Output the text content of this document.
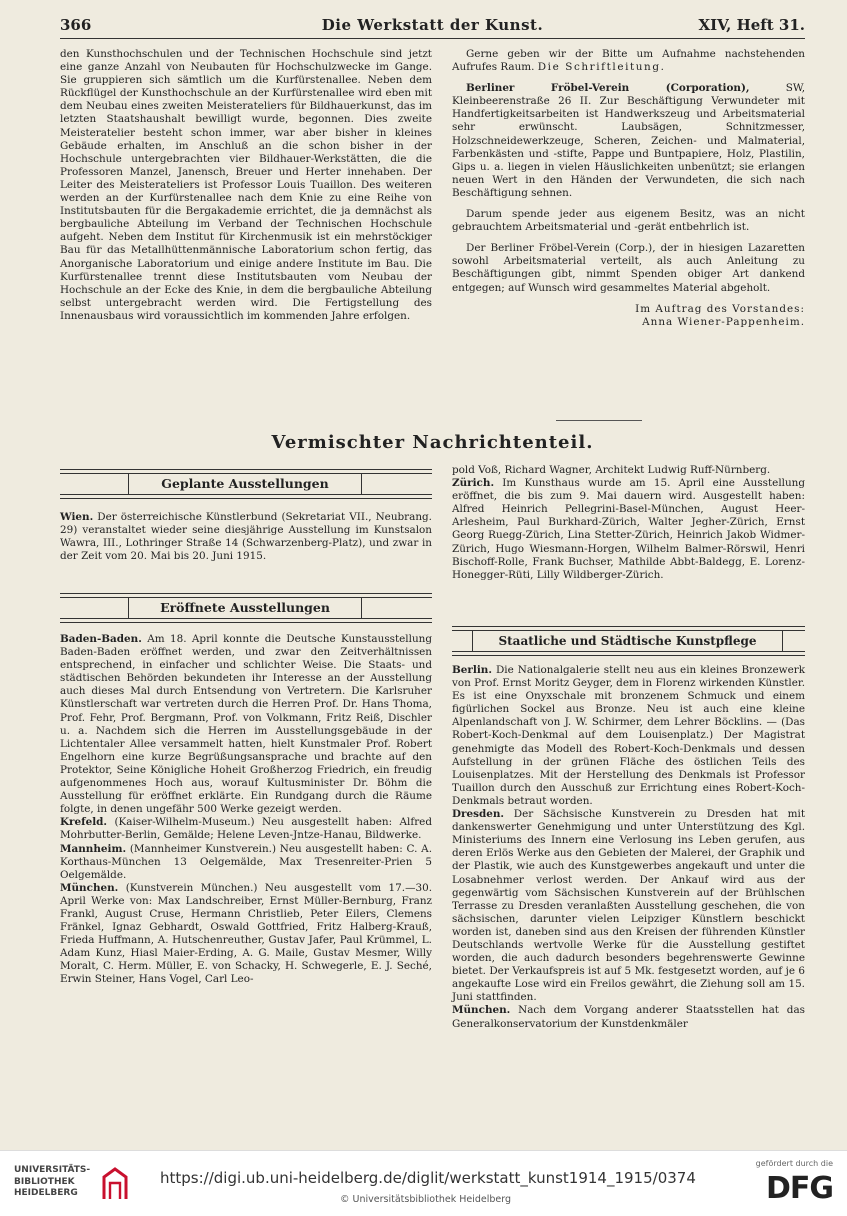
366	Die Werkstatt der Kunst.	XIV, Heft 31.

den Kunsthochschulen und der Technischen Hochschule sind jetzt eine ganze Anzahl von Neubauten für Hochschulzwecke im Gange. Sie gruppieren sich sämtlich um die Kurfürstenallee. Neben dem Rückflügel der Kunsthochschule an der Kurfürstenallee wird eben mit dem Neubau eines zweiten Meisterateliers für Bildhauerkunst, das im letzten Staatshaushalt bewilligt wurde, begonnen. Dies zweite Meisteratelier besteht schon immer, war aber bisher in kleines Gebäude erhalten, im Anschluß an die schon bisher in der Hochschule untergebrachten vier Bildhauer-Werkstätten, die die Professoren Manzel, Janensch, Breuer und Herter innehaben. Der Leiter des Meisterateliers ist Professor Louis Tuaillon. Des weiteren werden an der Kurfürstenallee nach dem Knie zu eine Reihe von Institutsbauten für die Bergakademie errichtet, die ja demnächst als bergbauliche Abteilung im Verband der Technischen Hochschule aufgeht. Neben dem Institut für Kirchenmusik ist ein mehrstöckiger Bau für das Metallhüttenmännische Laboratorium schon fertig, das Anorganische Laboratorium und einige andere Institute im Bau. Die Kurfürstenallee trennt diese Institutsbauten vom Neubau der Hochschule an der Ecke des Knie, in dem die bergbauliche Abteilung selbst untergebracht werden wird. Die Fertigstellung des Innenausbaus wird voraussichtlich im kommenden Jahre erfolgen.

Gerne geben wir der Bitte um Aufnahme nachstehenden Aufrufes Raum. Die Schriftleitung.

Berliner Fröbel-Verein (Corporation), SW, Kleinbeerenstraße 26 II. Zur Beschäftigung Verwundeter mit Handfertigkeitsarbeiten ist Handwerkszeug und Arbeitsmaterial sehr erwünscht. Laubsägen, Schnitzmesser, Holzschneidewerkzeuge, Scheren, Zeichen- und Malmaterial, Farbenkästen und -stifte, Pappe und Buntpapiere, Holz, Plastilin, Gips u. a. liegen in vielen Häuslichkeiten unbenützt; sie erlangen neuen Wert in den Händen der Verwundeten, die sich nach Beschäftigung sehnen.

Darum spende jeder aus eigenem Besitz, was an nicht gebrauchtem Arbeitsmaterial und -gerät entbehrlich ist.

Der Berliner Fröbel-Verein (Corp.), der in hiesigen Lazaretten sowohl Arbeitsmaterial verteilt, als auch Anleitung zu Beschäftigungen gibt, nimmt Spenden obiger Art dankend entgegen; auf Wunsch wird gesammeltes Material abgeholt.

Im Auftrag des Vorstandes:

Anna Wiener-Pappenheim.

Vermischter Nachrichtenteil.
Geplante Ausstellungen

Wien. Der österreichische Künstlerbund (Sekretariat VII., Neubrang. 29) veranstaltet wieder seine diesjährige Ausstellung im Kunstsalon Wawra, III., Lothringer Straße 14 (Schwarzenberg-Platz), und zwar in der Zeit vom 20. Mai bis 20. Juni 1915.

Eröffnete Ausstellungen

Baden-Baden. Am 18. April konnte die Deutsche Kunstausstellung Baden-Baden eröffnet werden, und zwar den Zeitverhältnissen entsprechend, in einfacher und schlichter Weise. Die Staats- und städtischen Behörden bekundeten ihr Interesse an der Ausstellung auch dieses Mal durch Entsendung von Vertretern. Die Karlsruher Künstlerschaft war vertreten durch die Herren Prof. Dr. Hans Thoma, Prof. Fehr, Prof. Bergmann, Prof. von Volkmann, Fritz Reiß, Dischler u. a. Nachdem sich die Herren im Ausstellungsgebäude in der Lichtentaler Allee versammelt hatten, hielt Kunstmaler Prof. Robert Engelhorn eine kurze Begrüßungsansprache und brachte auf den Protektor, Seine Königliche Hoheit Großherzog Friedrich, ein freudig aufgenommenes Hoch aus, worauf Kultusminister Dr. Böhm die Ausstellung für eröffnet erklärte. Ein Rundgang durch die Räume folgte, in denen ungefähr 500 Werke gezeigt werden.

Krefeld. (Kaiser-Wilhelm-Museum.) Neu ausgestellt haben: Alfred Mohrbutter-Berlin, Gemälde; Helene Leven-Jntze-Hanau, Bildwerke.

Mannheim. (Mannheimer Kunstverein.) Neu ausgestellt haben: C. A. Korthaus-München 13 Oelgemälde, Max Tresenreiter-Prien 5 Oelgemälde.

München. (Kunstverein München.) Neu ausgestellt vom 17.—30. April Werke von: Max Landschreiber, Ernst Müller-Bernburg, Franz Frankl, August Cruse, Hermann Christlieb, Peter Eilers, Clemens Fränkel, Ignaz Gebhardt, Oswald Gottfried, Fritz Halberg-Krauß, Frieda Huffmann, A. Hutschenreuther, Gustav Jafer, Paul Krümmel, L. Adam Kunz, Hiasl Maier-Erding, A. G. Maile, Gustav Mesmer, Willy Moralt, C. Herm. Müller, E. von Schacky, H. Schwegerle, E. J. Seché, Erwin Steiner, Hans Vogel, Carl Leo-

pold Voß, Richard Wagner, Architekt Ludwig Ruff-Nürnberg.

Zürich. Im Kunsthaus wurde am 15. April eine Ausstellung eröffnet, die bis zum 9. Mai dauern wird. Ausgestellt haben: Alfred Heinrich Pellegrini-Basel-München, August Heer-Arlesheim, Paul Burkhard-Zürich, Walter Jegher-Zürich, Ernst Georg Ruegg-Zürich, Lina Stetter-Zürich, Heinrich Jakob Widmer-Zürich, Hugo Wiesmann-Horgen, Wilhelm Balmer-Rörswil, Henri Bischoff-Rolle, Frank Buchser, Mathilde Abbt-Baldegg, E. Lorenz-Honegger-Rüti, Lilly Wildberger-Zürich.

Staatliche und Städtische Kunstpflege

Berlin. Die Nationalgalerie stellt neu aus ein kleines Bronzewerk von Prof. Ernst Moritz Geyger, dem in Florenz wirkenden Künstler. Es ist eine Onyxschale mit bronzenem Schmuck und einem figürlichen Sockel aus Bronze. Neu ist auch eine kleine Alpenlandschaft von J. W. Schirmer, dem Lehrer Böcklins. — (Das Robert-Koch-Denkmal auf dem Louisenplatz.) Der Magistrat genehmigte das Modell des Robert-Koch-Denkmals und dessen Aufstellung in der grünen Fläche des östlichen Teils des Louisenplatzes. Mit der Herstellung des Denkmals ist Professor Tuaillon durch den Ausschuß zur Errichtung eines Robert-Koch-Denkmals betraut worden.

Dresden. Der Sächsische Kunstverein zu Dresden hat mit dankenswerter Genehmigung und unter Unterstützung des Kgl. Ministeriums des Innern eine Verlosung ins Leben gerufen, aus deren Erlös Werke aus den Gebieten der Malerei, der Graphik und der Plastik, wie auch des Kunstgewerbes angekauft und unter die Losabnehmer verlost werden. Der Ankauf wird aus der gegenwärtig vom Sächsischen Kunstverein auf der Brühlschen Terrasse zu Dresden veranlaßten Ausstellung geschehen, die von sächsischen, darunter vielen Leipziger Künstlern beschickt worden ist, daneben sind aus den Kreisen der führenden Künstler Deutschlands wertvolle Werke für die Ausstellung gestiftet worden, die auch dadurch besonders begehrenswerte Gewinne bietet. Der Verkaufspreis ist auf 5 Mk. festgesetzt worden, auf je 6 angekaufte Lose wird ein Freilos gewährt, die Ziehung soll am 15. Juni stattfinden.

München. Nach dem Vorgang anderer Staatsstellen hat das Generalkonservatorium der Kunstdenkmäler

UNIVERSITÄTS-
BIBLIOTHEK
HEIDELBERG
https://digi.ub.uni-heidelberg.de/diglit/werkstatt_kunst1914_1915/0374
© Universitätsbibliothek Heidelberg
gefördert durch die
DFG
